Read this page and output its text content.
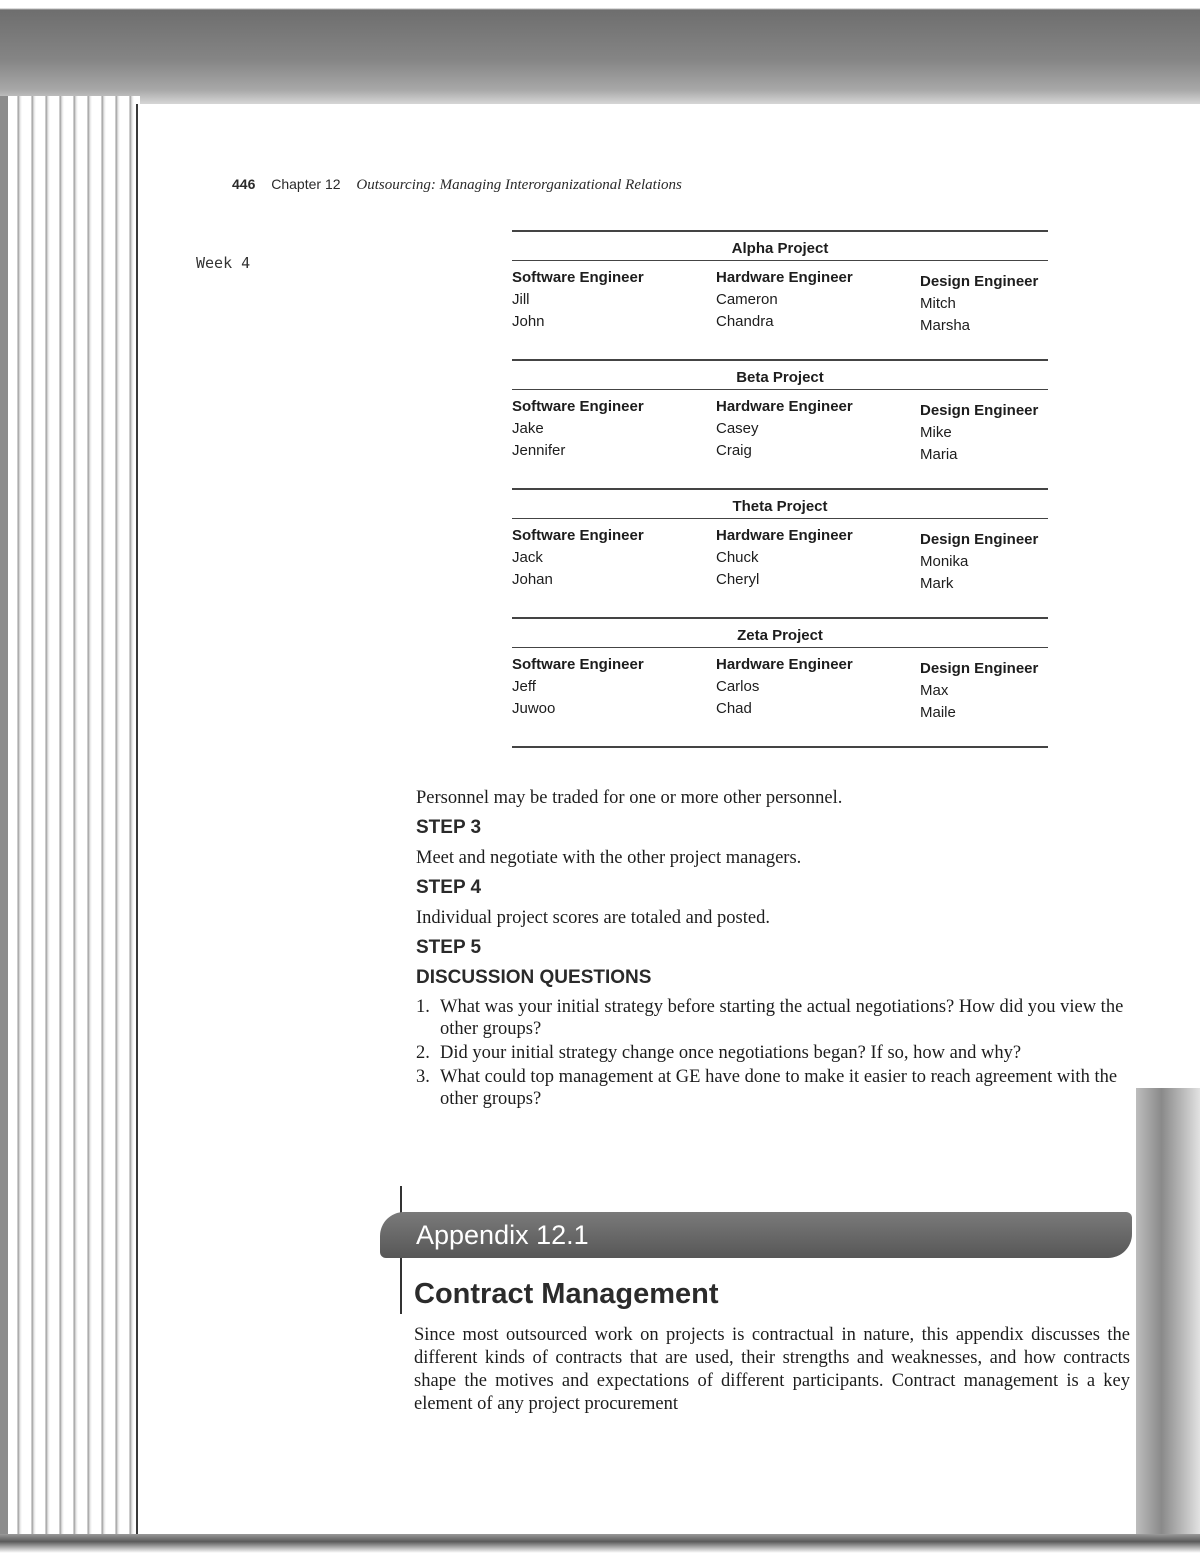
446 Chapter 12 Outsourcing: Managing Interorganizational Relations
Week 4
Alpha Project
Software Engineer
Jill
John
Hardware Engineer
Cameron
Chandra
Design Engineer
Mitch
Marsha
Beta Project
Software Engineer
Jake
Jennifer
Hardware Engineer
Casey
Craig
Design Engineer
Mike
Maria
Theta Project
Software Engineer
Jack
Johan
Hardware Engineer
Chuck
Cheryl
Design Engineer
Monika
Mark
Zeta Project
Software Engineer
Jeff
Juwoo
Hardware Engineer
Carlos
Chad
Design Engineer
Max
Maile

Personnel may be traded for one or more other personnel.

STEP 3

Meet and negotiate with the other project managers.

STEP 4

Individual project scores are totaled and posted.

STEP 5
DISCUSSION QUESTIONS
1. What was your initial strategy before starting the actual negotiations? How did you view the other groups?
2. Did your initial strategy change once negotiations began? If so, how and why?
3. What could top management at GE have done to make it easier to reach agreement with the other groups?
Appendix 12.1
Contract Management
Since most outsourced work on projects is contractual in nature, this appendix discusses the different kinds of contracts that are used, their strengths and weaknesses, and how contracts shape the motives and expectations of different participants. Contract management is a key element of any project procurement
